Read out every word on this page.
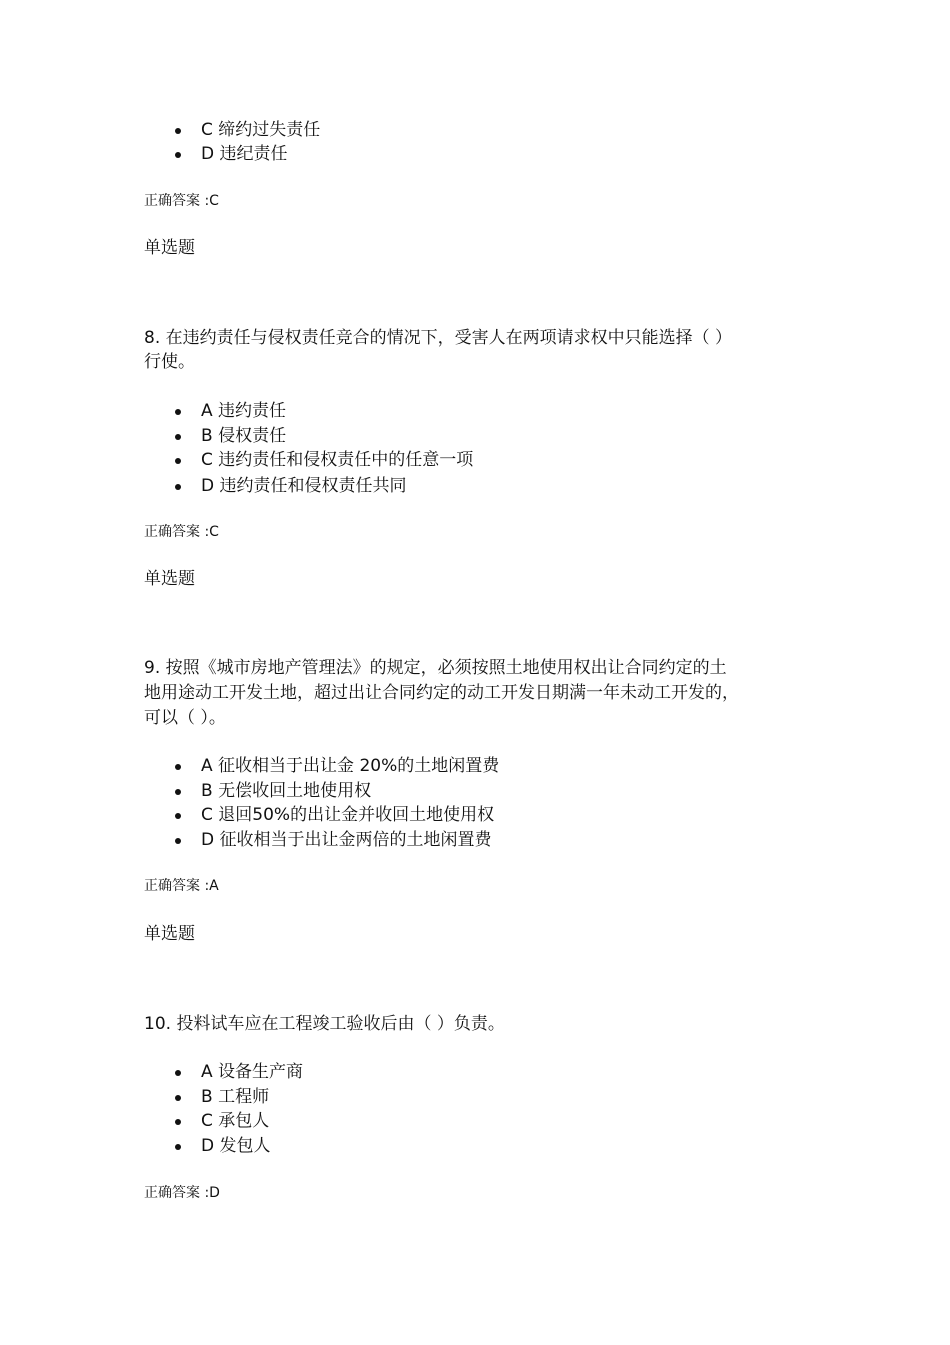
C 缔约过失责任
D 违纪责任
正确答案 :C
单选题
8. 在违约责任与侵权责任竞合的情况下，受害人在两项请求权中只能选择（ ）
行使。
A 违约责任
B 侵权责任
C 违约责任和侵权责任中的任意一项
D 违约责任和侵权责任共同
正确答案 :C
单选题
9. 按照《城市房地产管理法》的规定，必须按照土地使用权出让合同约定的土
地用途动工开发土地，超过出让合同约定的动工开发日期满一年未动工开发的，
可以（ ）。
A 征收相当于出让金 20%的土地闲置费
B 无偿收回土地使用权
C 退回50%的出让金并收回土地使用权
D 征收相当于出让金两倍的土地闲置费
正确答案 :A
单选题
10. 投料试车应在工程竣工验收后由（ ）负责。
A 设备生产商
B 工程师
C 承包人
D 发包人
正确答案 :D
